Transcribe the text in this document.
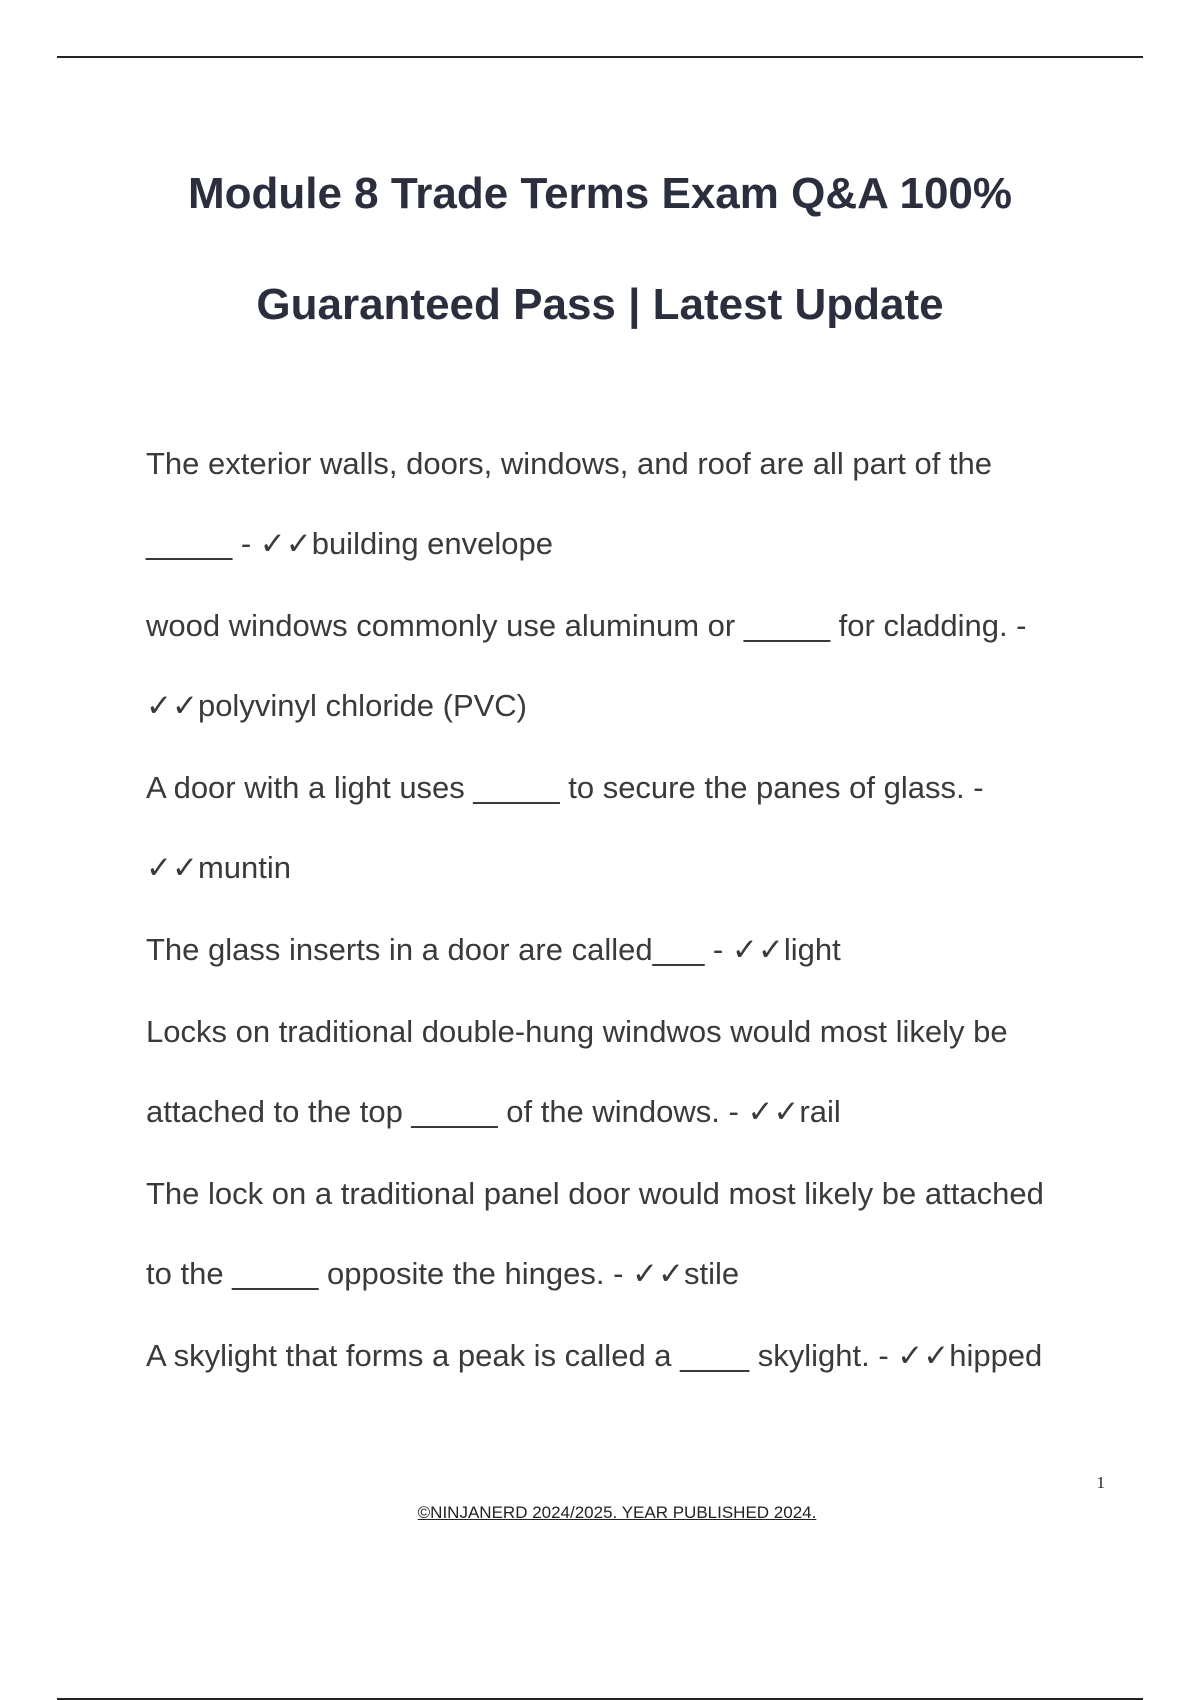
Module 8 Trade Terms Exam Q&A 100%
Guaranteed Pass | Latest Update
The exterior walls, doors, windows, and roof are all part of the
_____ - ✓✓building envelope
wood windows commonly use aluminum or _____ for cladding. -
✓✓polyvinyl chloride (PVC)
A door with a light uses _____ to secure the panes of glass. -
✓✓muntin
The glass inserts in a door are called___ - ✓✓light
Locks on traditional double-hung windwos would most likely be
attached to the top _____ of the windows. - ✓✓rail
The lock on a traditional panel door would most likely be attached
to the _____ opposite the hinges. - ✓✓stile
A skylight that forms a peak is called a ____ skylight. - ✓✓hipped
1
©NINJANERD 2024/2025. YEAR PUBLISHED 2024.
